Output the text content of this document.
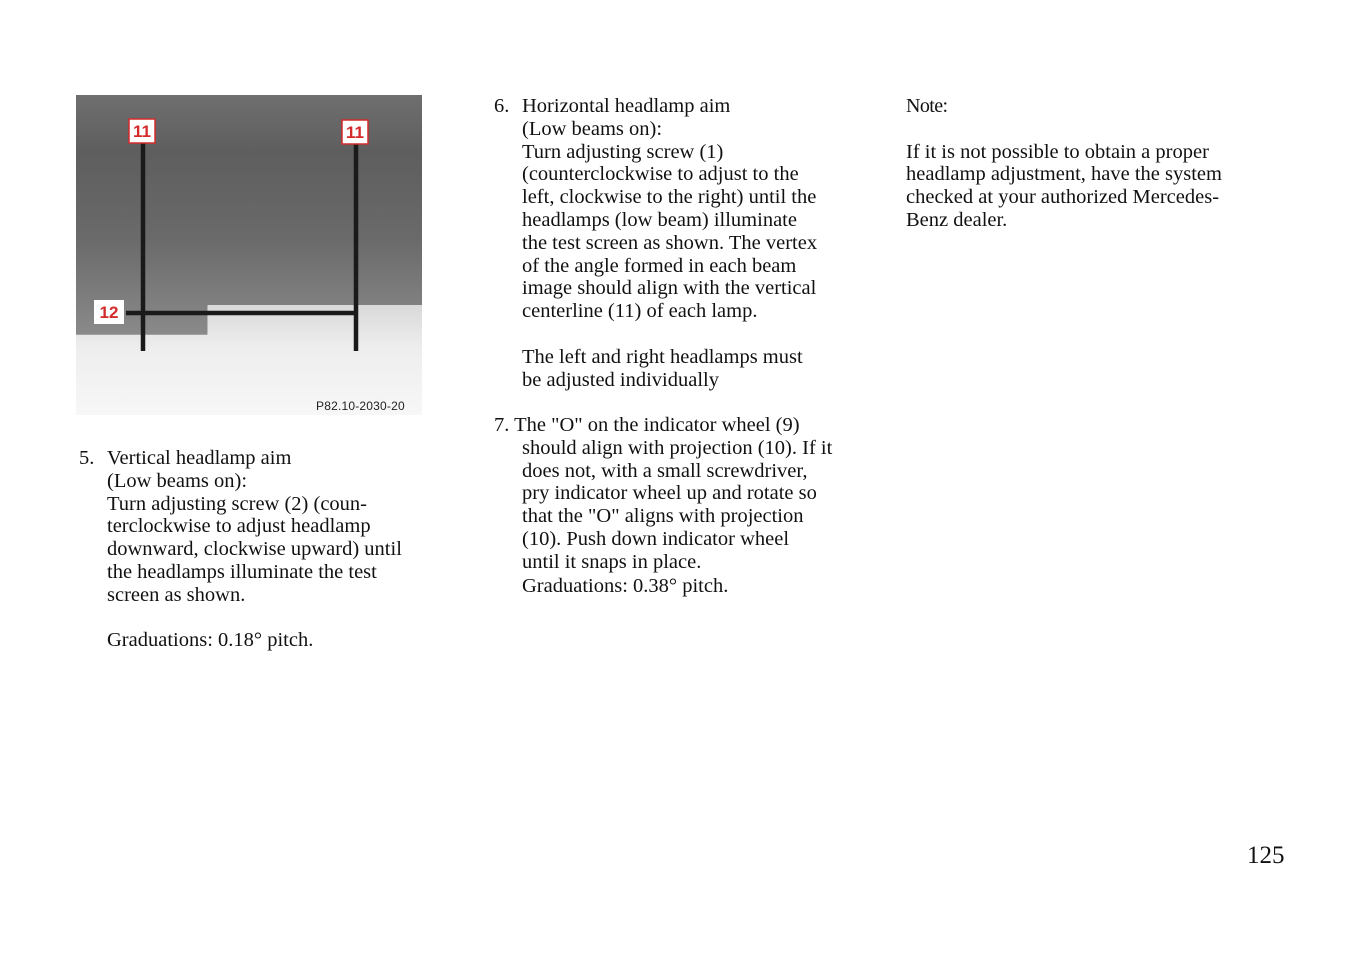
11	11
12
P82.10-2030-20
5. Vertical headlamp aim
(Low beams on):
Turn adjusting screw (2) (coun-
terclockwise to adjust headlamp
downward, clockwise upward) until
the headlamps illuminate the test
screen as shown.
Graduations: 0.18° pitch.
6. Horizontal headlamp aim
(Low beams on):
Turn adjusting screw (1)
(counterclockwise to adjust to the
left, clockwise to the right) until the
headlamps (low beam) illuminate
the test screen as shown. The vertex
of the angle formed in each beam
image should align with the vertical
centerline (11) of each lamp.
The left and right headlamps must
be adjusted individually
7. The "O" on the indicator wheel (9)
should align with projection (10). If it
does not, with a small screwdriver,
pry indicator wheel up and rotate so
that the "O" aligns with projection
(10). Push down indicator wheel
until it snaps in place.
Graduations: 0.38° pitch.
Note:
If it is not possible to obtain a proper
headlamp adjustment, have the system
checked at your authorized Mercedes-
Benz dealer.
125
